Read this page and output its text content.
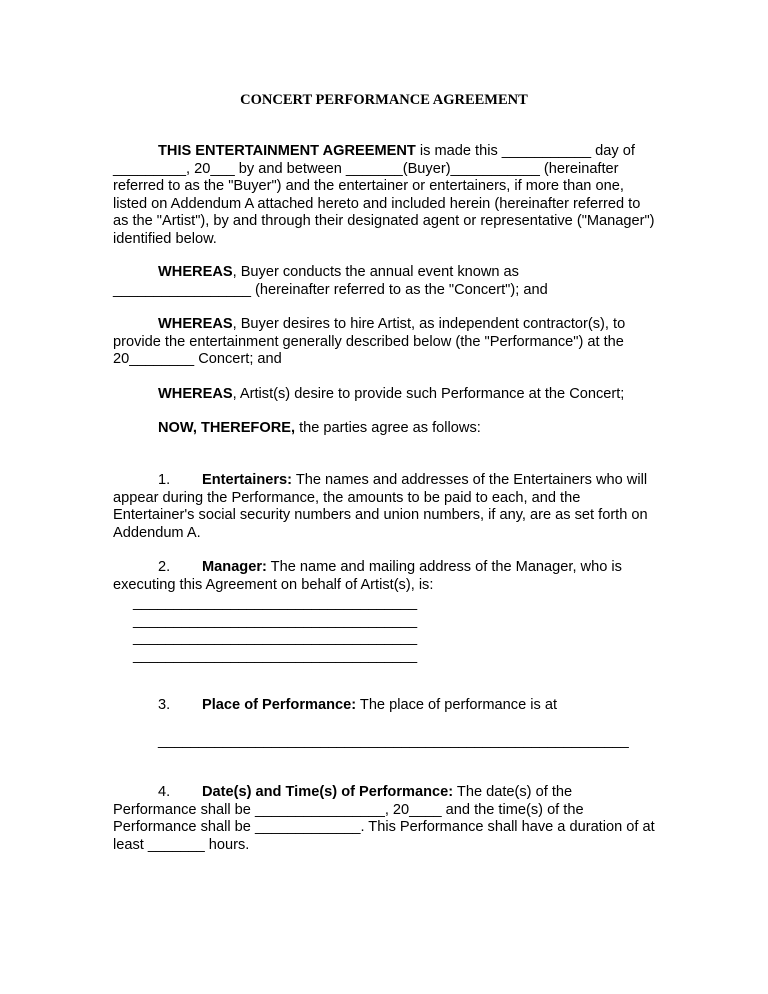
CONCERT PERFORMANCE AGREEMENT

THIS ENTERTAINMENT AGREEMENT is made this ___________ day of _________, 20___ by and between _______(Buyer)___________ (hereinafter referred to as the "Buyer") and the entertainer or entertainers, if more than one, listed on Addendum A attached hereto and included herein (hereinafter referred to as the "Artist"), by and through their designated agent or representative ("Manager") identified below.

WHEREAS, Buyer conducts the annual event known as _________________ (hereinafter referred to as the "Concert"); and

WHEREAS, Buyer desires to hire Artist, as independent contractor(s), to provide the entertainment generally described below (the "Performance") at the 20________ Concert; and

WHEREAS, Artist(s) desire to provide such Performance at the Concert;

NOW, THEREFORE, the parties agree as follows:

1. Entertainers: The names and addresses of the Entertainers who will appear during the Performance, the amounts to be paid to each, and the Entertainer's social security numbers and union numbers, if any, are as set forth on Addendum A.

2. Manager: The name and mailing address of the Manager, who is executing this Agreement on behalf of Artist(s), is:

___________________________________
___________________________________
___________________________________
___________________________________

3. Place of Performance: The place of performance is at

__________________________________________________________

4. Date(s) and Time(s) of Performance: The date(s) of the Performance shall be ________________, 20____ and the time(s) of the Performance shall be _____________. This Performance shall have a duration of at least _______ hours.
